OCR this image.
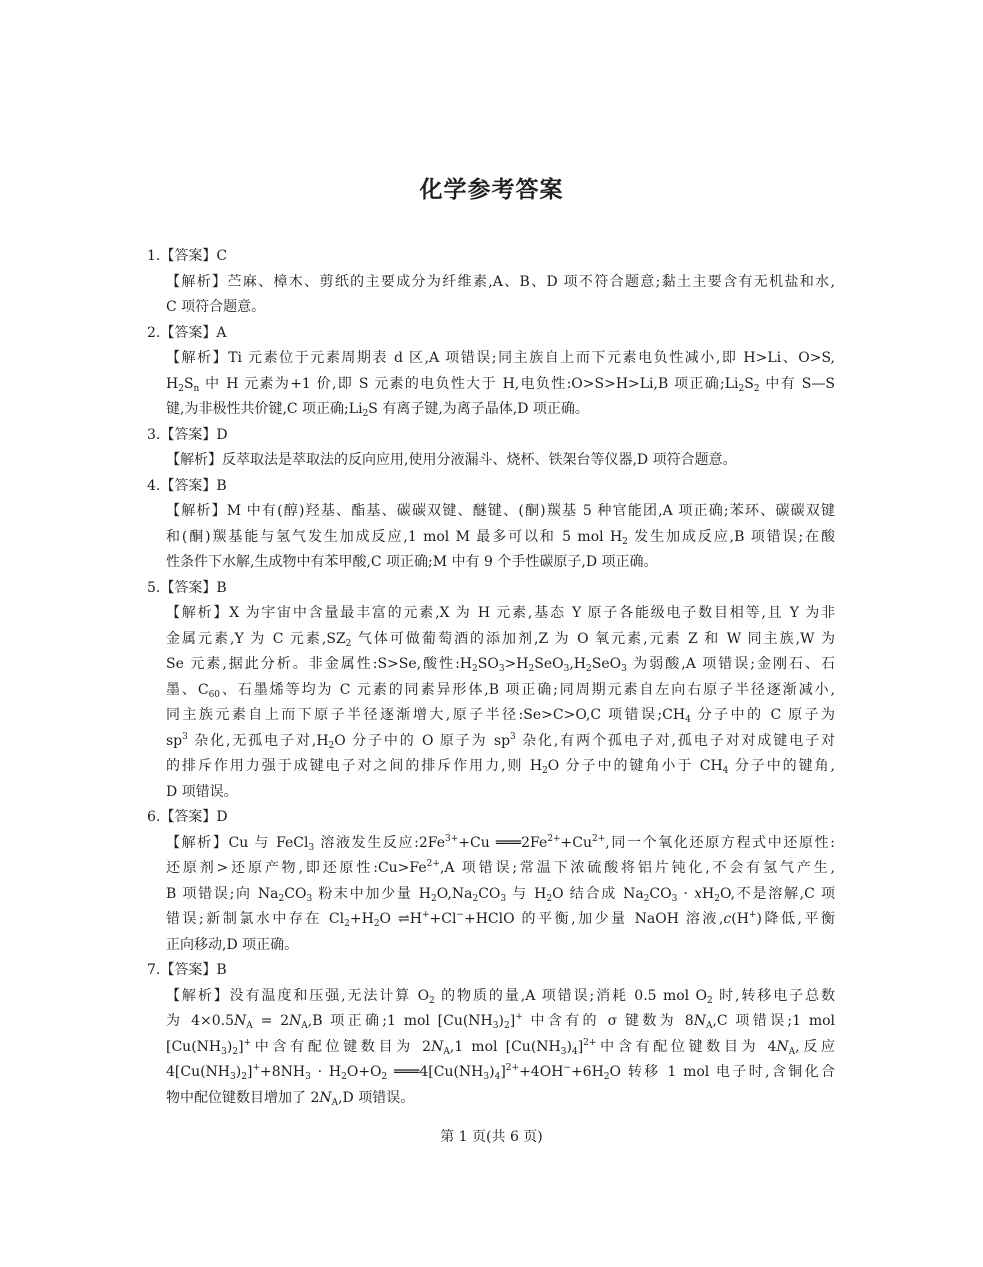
化学参考答案
1.【答案】C
【解析】苎麻、樟木、剪纸的主要成分为纤维素,A、B、D 项不符合题意;黏土主要含有无机盐和水,
C 项符合题意。
2.【答案】A
【解析】Ti 元素位于元素周期表 d 区,A 项错误;同主族自上而下元素电负性减小,即 H>Li、O>S,
$H_2S_n$ 中 H 元素为+1 价,即 S 元素的电负性大于 H,电负性:O>S>H>Li,B 项正确$;Li_2S_2$ 中有 S—S
键,为非极性共价键,C 项正确$;Li_2S$ 有离子键,为离子晶体,D 项正确。
3.【答案】D
【解析】反萃取法是萃取法的反向应用,使用分液漏斗、烧杯、铁架台等仪器,D 项符合题意。
4.【答案】B
【解析】M 中有(醇)羟基、酯基、碳碳双键、醚键、(酮)羰基 5 种官能团,A 项正确;苯环、碳碳双键
和(酮)羰基能与氢气发生加成反应,1 mol M 最多可以和 5 mol $H_2$ 发生加成反应,B 项错误;在酸
性条件下水解,生成物中有苯甲酸,C 项正确;M 中有 9 个手性碳原子,D 项正确。
5.【答案】B
【解析】X 为宇宙中含量最丰富的元素,X 为 H 元素,基态 Y 原子各能级电子数目相等,且 Y 为非
金属元素,Y 为 C 元素$,SZ_2$ 气体可做葡萄酒的添加剂,Z 为 O 氧元素,元素 Z 和 W 同主族,W 为
Se 元素,据此分析。非金属性:S>Se,酸性$:H_2SO_3>H_2SeO_3,H_2SeO_3$ 为弱酸,A 项错误;金刚石、石
墨、$C_{60}$、石墨烯等均为 C 元素的同素异形体,B 项正确;同周期元素自左向右原子半径逐渐减小,
同主族元素自上而下原子半径逐渐增大,原子半径:Se>C>O,C 项错误$;CH_4$ 分子中的 C 原子为
$sp^3$ 杂化,无孤电子对$,H_2O$ 分子中的 O 原子为 $sp^3$ 杂化,有两个孤电子对,孤电子对对成键电子对
的排斥作用力强于成键电子对之间的排斥作用力,则 $H_2O$ 分子中的键角小于 $CH_4$ 分子中的键角,
D 项错误。
6.【答案】D
【解析】Cu 与 FeCl$_3$ 溶液发生反应$:2Fe^{3+}+Cu$ $═══2Fe^{2+}+Cu^{2+}$,同一个氧化还原方程式中还原性:
还原剂>还原产物,即还原性$:Cu>Fe^{2+},A$ 项错误;常温下浓硫酸将铝片钝化,不会有氢气产生,
B 项错误;向 $Na_2CO_3$ 粉末中加少量 $H_2O,Na_2CO_3$ 与 $H_2O$ 结合成 $Na_2CO_3 \cdot xH_2O$,不是溶解,C 项
错误;新制氯水中存在 $Cl_2+H_2O$ ⇌H++Cl−+HClO 的平衡,加少量 NaOH 溶液,c(H+)降低,平衡
正向移动,D 项正确。
7.【答案】B
【解析】没有温度和压强,无法计算 $O_2$ 的物质的量,A 项错误;消耗 0.5 mol $O_2$ 时,转移电子总数
为 $4\times 0.5N_A = 2N_A,B$ 项正确;1 mol $[Cu(NH_3)_2]^+$ 中含有的 σ 键数为 $8N_A,C$ 项错误;1 mol
$[Cu(NH_3)_2]^+$中含有配位键数目为 $2N_A,1$ mol $[Cu(NH_3)_4]^{2+}$中含有配位键数目为 $4N_A$,反应
$4[Cu(NH_3)_2]^++8NH_3 \cdot H_2O+O_2$ $═══4[Cu(NH_3)_4]^{2+}+4OH^-+6H_2O$ 转移 1 mol 电子时,含铜化合
物中配位键数目增加了 $2N_A,D$ 项错误。
第 1 页(共 6 页)
